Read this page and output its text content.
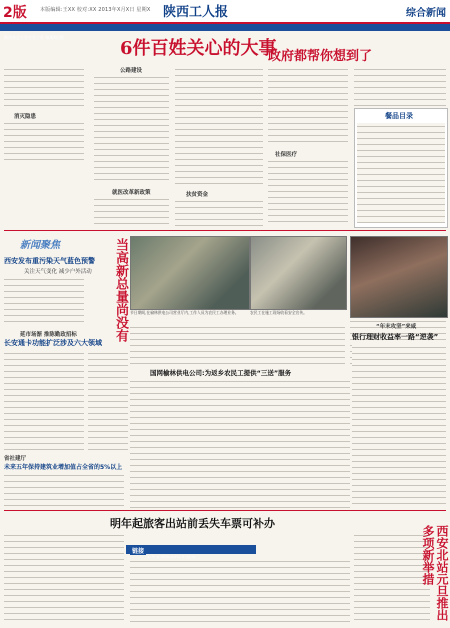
2版	本版编辑:王XX 校对:XX 2013年X月X日 星期X 陕西工人报	综合新闻
陕西省总工会主管主办 每周X出版
6件百姓关心的大事
政府都帮你想到了
消灭隐患
公路建设
就医改革新政策	扶贫资金
社保医疗
餐品目录
新闻聚焦
西安发布重污染天气蓝色预警
关注天气变化 减少户外活动
延市场渐 推陈勤政招标
长安通卡功能扩泛涉及六大领域
省社建厅
未来五年保持建筑业增加值占全省的5%以上
当高新总量尚没有 节日期间,在榆林供电公司营业厅内,工作人员为农民工办理业务。	农民工在施工现场收看安全宣传。
国网榆林供电公司:为返乡农民工提供“三送”服务
“年末攻坚”来咸
银行理财收益率一路“逆袭”
明年起旅客出站前丢失车票可补办
链接	西安北站元旦推出多项新举措
